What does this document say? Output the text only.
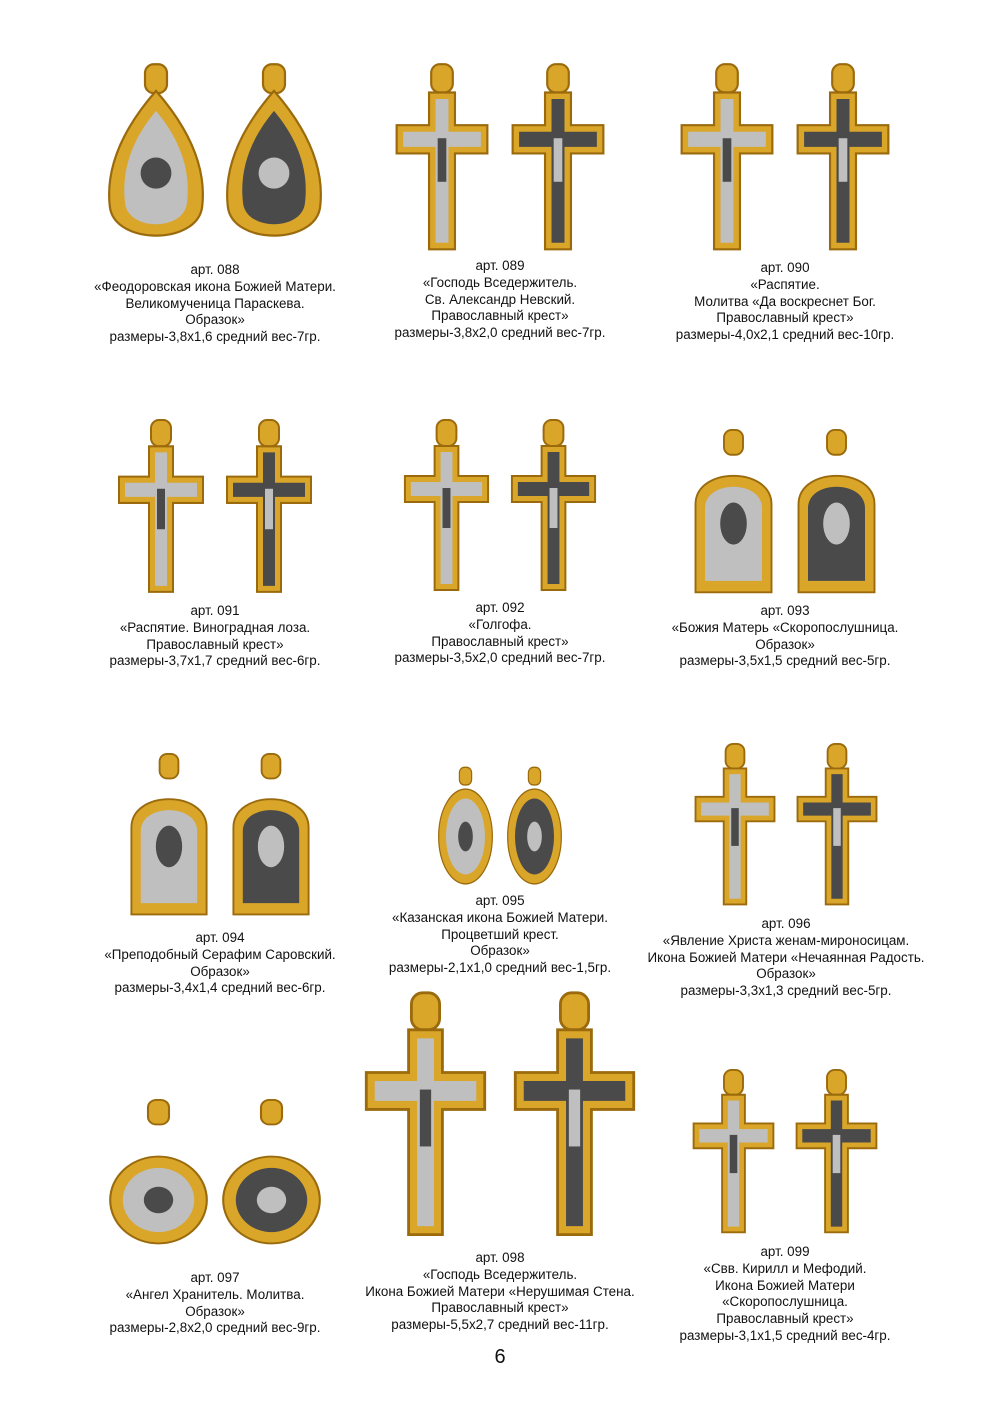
арт. 088
«Феодоровская икона Божией Матери.
Великомученица Параскева.
Образок»
размеры-3,8х1,6 средний вес-7гр.
арт. 089
«Господь Вседержитель.
Св. Александр Невский.
Православный крест»
размеры-3,8х2,0 средний вес-7гр.
арт. 090
«Распятие.
Молитва «Да воскреснет Бог.
Православный крест»
размеры-4,0х2,1 средний вес-10гр.
арт. 091
«Распятие. Виноградная лоза.
Православный крест»
размеры-3,7х1,7 средний вес-6гр.
арт. 092
«Голгофа.
Православный крест»
размеры-3,5х2,0 средний вес-7гр.
арт. 093
«Божия Матерь «Скоропослушница.
Образок»
размеры-3,5х1,5 средний вес-5гр.
арт. 094
«Преподобный Серафим Саровский.
Образок»
размеры-3,4х1,4 средний вес-6гр.
арт. 095
«Казанская икона Божией Матери.
Процветший крест.
Образок»
размеры-2,1х1,0 средний вес-1,5гр.
арт. 096
«Явление Христа женам-мироносицам.
Икона Божией Матери «Нечаянная Радость.
Образок»
размеры-3,3х1,3 средний вес-5гр.
арт. 097
«Ангел Хранитель. Молитва.
Образок»
размеры-2,8х2,0 средний вес-9гр.
арт. 098
«Господь Вседержитель.
Икона Божией Матери «Нерушимая Стена.
Православный крест»
размеры-5,5х2,7 средний вес-11гр.
арт. 099
«Свв. Кирилл и Мефодий.
Икона Божией Матери
«Скоропослушница.
Православный крест»
размеры-3,1х1,5 средний вес-4гр.
6
